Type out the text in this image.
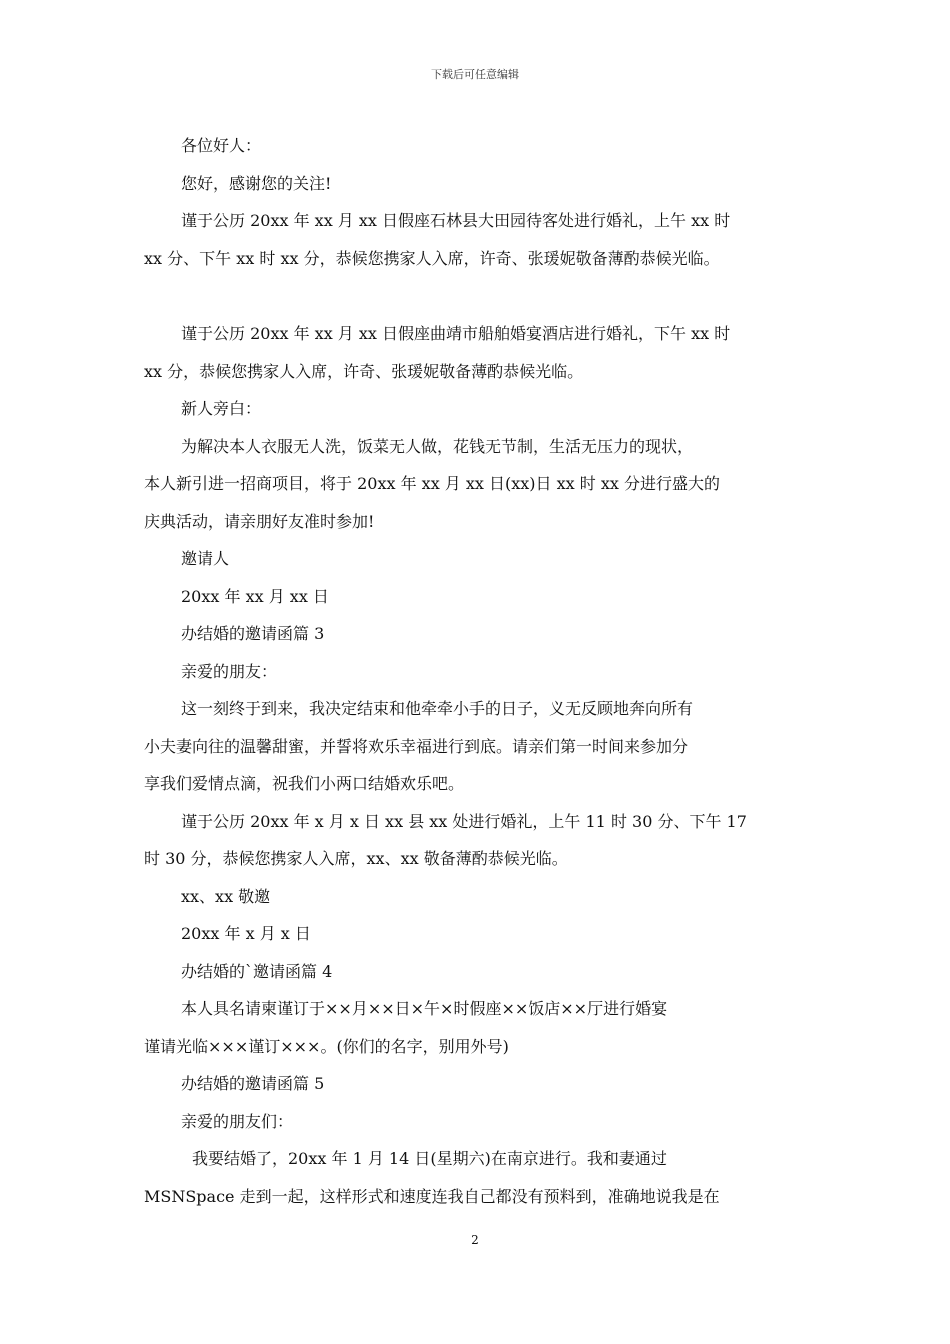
下载后可任意编辑

各位好人：

您好，感谢您的关注!

谨于公历 20xx 年 xx 月 xx 日假座石林县大田园待客处进行婚礼，上午 xx 时

xx 分、下午 xx 时 xx 分，恭候您携家人入席，许奇、张瑗妮敬备薄酌恭候光临。

谨于公历 20xx 年 xx 月 xx 日假座曲靖市船舶婚宴酒店进行婚礼，下午 xx 时

xx 分，恭候您携家人入席，许奇、张瑗妮敬备薄酌恭候光临。

新人旁白：

为解决本人衣服无人洗，饭菜无人做，花钱无节制，生活无压力的现状，

本人新引进一招商项目，将于 20xx 年 xx 月 xx 日(xx)日 xx 时 xx 分进行盛大的

庆典活动，请亲朋好友准时参加!

邀请人

20xx 年 xx 月 xx 日

办结婚的邀请函篇 3

亲爱的朋友：

这一刻终于到来，我决定结束和他牵牵小手的日子，义无反顾地奔向所有

小夫妻向往的温馨甜蜜，并誓将欢乐幸福进行到底。请亲们第一时间来参加分

享我们爱情点滴，祝我们小两口结婚欢乐吧。

谨于公历 20xx 年 x 月 x 日 xx 县 xx 处进行婚礼，上午 11 时 30 分、下午 17

时 30 分，恭候您携家人入席，xx、xx 敬备薄酌恭候光临。

xx、xx 敬邀

20xx 年 x 月 x 日

办结婚的`邀请函篇 4

本人具名请柬谨订于××月××日×午×时假座××饭店××厅进行婚宴

谨请光临×××谨订×××。(你们的名字，别用外号)

办结婚的邀请函篇 5

亲爱的朋友们：

我要结婚了，20xx 年 1 月 14 日(星期六)在南京进行。我和妻通过

MSNSpace 走到一起，这样形式和速度连我自己都没有预料到，准确地说我是在

2
